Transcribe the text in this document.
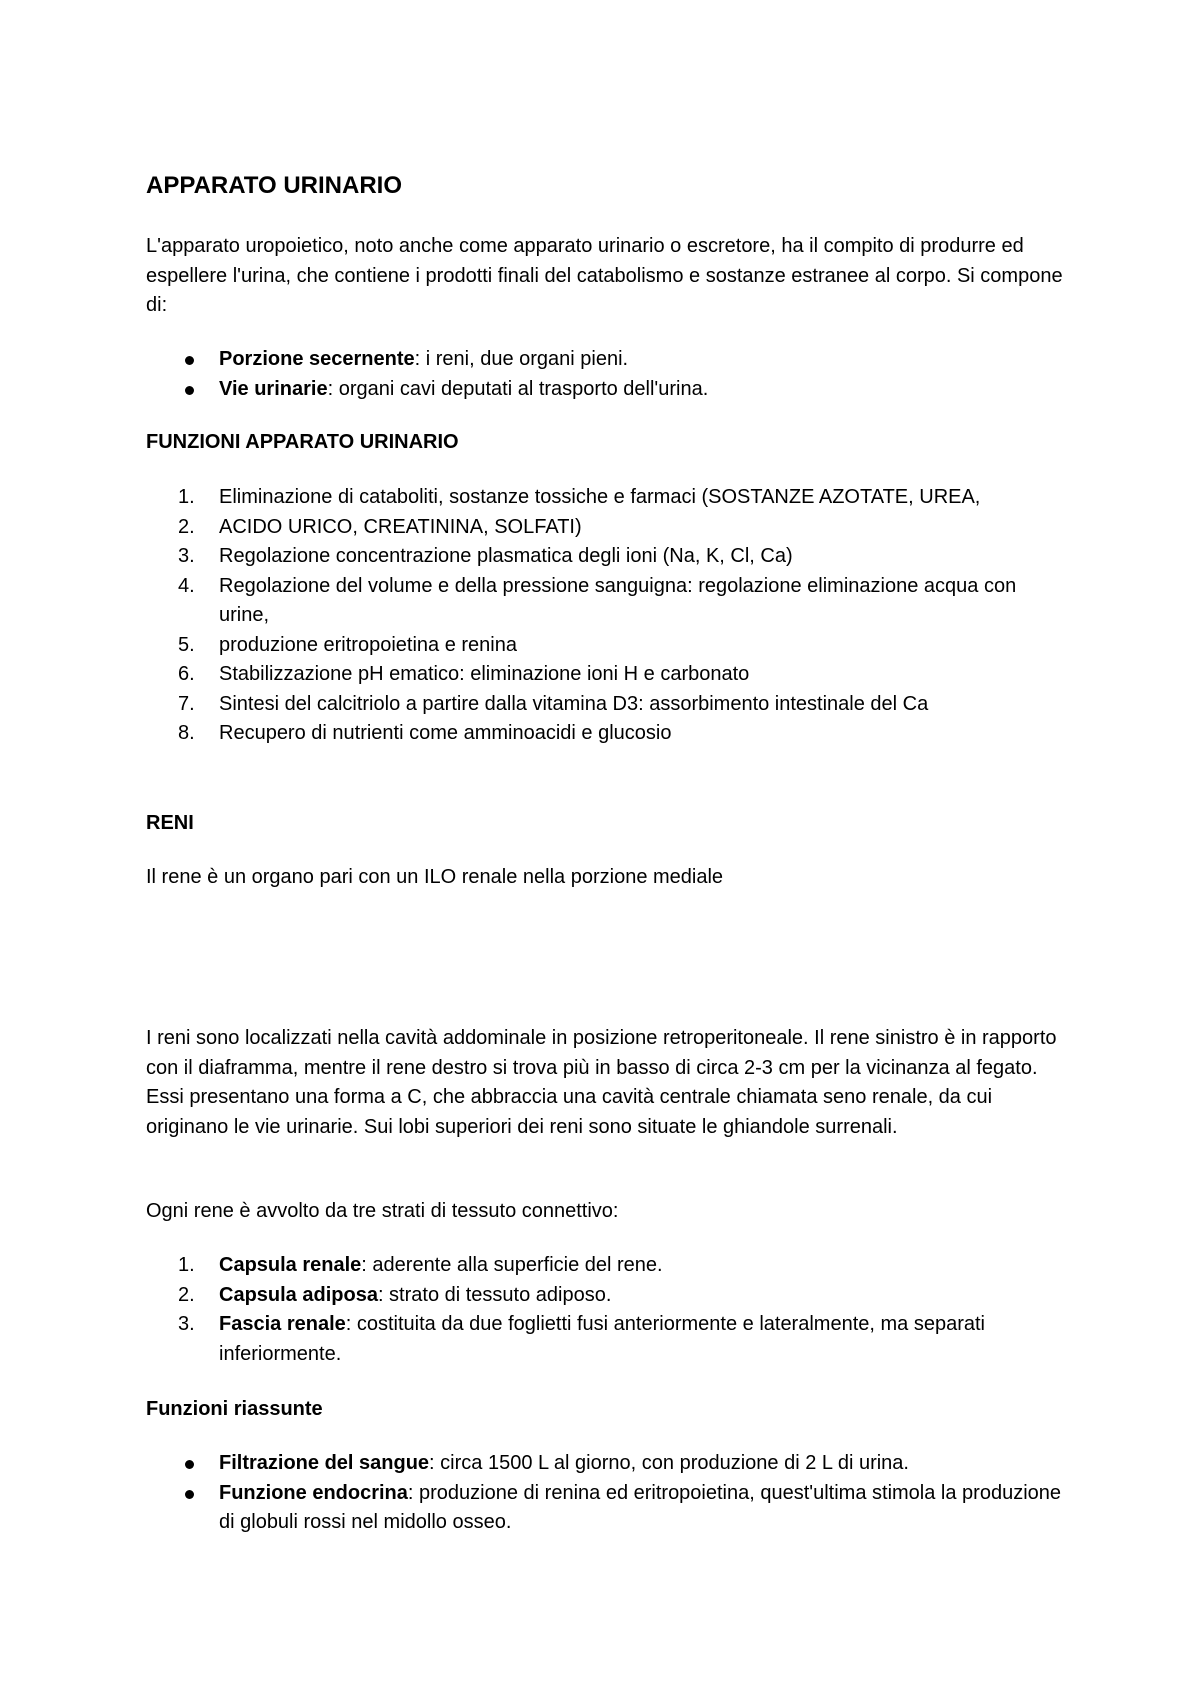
APPARATO URINARIO

L'apparato uropoietico, noto anche come apparato urinario o escretore, ha il compito di produrre ed espellere l'urina, che contiene i prodotti finali del catabolismo e sostanze estranee al corpo. Si compone di:

Porzione secernente: i reni, due organi pieni.
Vie urinarie: organi cavi deputati al trasporto dell'urina.
FUNZIONI APPARATO URINARIO
1.	Eliminazione di cataboliti, sostanze tossiche e farmaci (SOSTANZE AZOTATE, UREA,
2.	ACIDO URICO, CREATININA, SOLFATI)
3.	Regolazione concentrazione plasmatica degli ioni (Na, K, Cl, Ca)
4.	Regolazione del volume e della pressione sanguigna: regolazione eliminazione acqua con urine,
5.	produzione eritropoietina e renina
6.	Stabilizzazione pH ematico: eliminazione ioni H e carbonato
7.	Sintesi del calcitriolo a partire dalla vitamina D3: assorbimento intestinale del Ca
8.	Recupero di nutrienti come amminoacidi e glucosio
RENI

Il rene è un organo pari con un ILO renale nella porzione mediale

I reni sono localizzati nella cavità addominale in posizione retroperitoneale. Il rene sinistro è in rapporto con il diaframma, mentre il rene destro si trova più in basso di circa 2-3 cm per la vicinanza al fegato. Essi presentano una forma a C, che abbraccia una cavità centrale chiamata seno renale, da cui originano le vie urinarie. Sui lobi superiori dei reni sono situate le ghiandole surrenali.

Ogni rene è avvolto da tre strati di tessuto connettivo:

1.	Capsula renale: aderente alla superficie del rene.
2.	Capsula adiposa: strato di tessuto adiposo.
3.	Fascia renale: costituita da due foglietti fusi anteriormente e lateralmente, ma separati inferiormente.
Funzioni riassunte
Filtrazione del sangue: circa 1500 L al giorno, con produzione di 2 L di urina.
Funzione endocrina: produzione di renina ed eritropoietina, quest'ultima stimola la produzione di globuli rossi nel midollo osseo.
